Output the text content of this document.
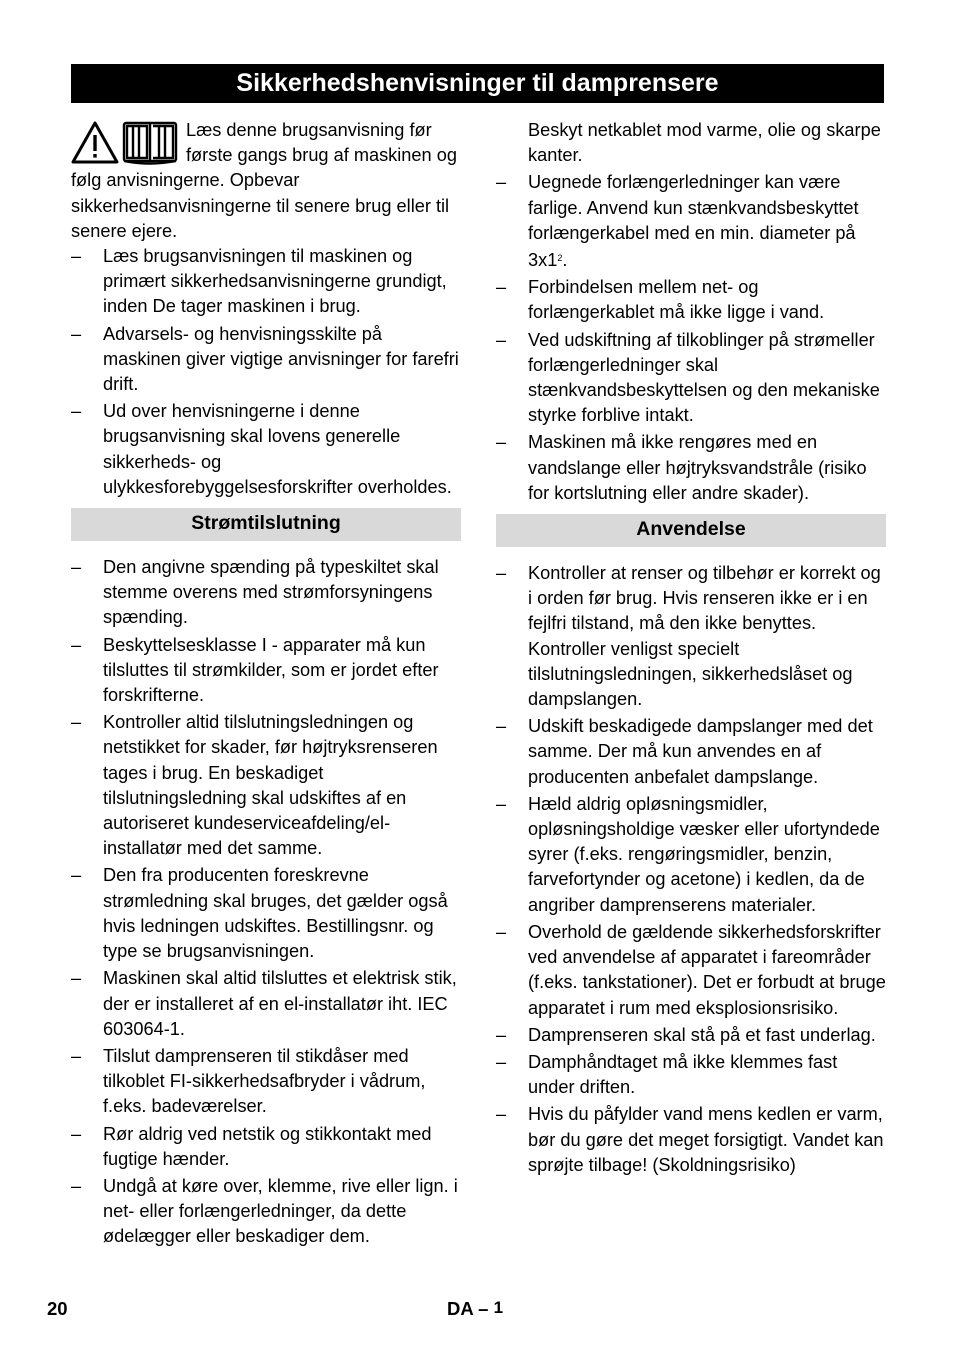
Sikkerhedshenvisninger til damprensere

Læs denne brugsanvisning før første gangs brug af maskinen og følg anvisningerne. Opbevar sikkerhedsanvisningerne til senere brug eller til senere ejere.

– Læs brugsanvisningen til maskinen og primært sikkerhedsanvisningerne grundigt, inden De tager maskinen i brug.
– Advarsels- og henvisningsskilte på maskinen giver vigtige anvisninger for farefri drift.
– Ud over henvisningerne i denne brugsanvisning skal lovens generelle sikkerheds- og ulykkesforebyggelsesforskrifter overholdes.
Strømtilslutning
– Den angivne spænding på typeskiltet skal stemme overens med strømforsyningens spænding.
– Beskyttelsesklasse I - apparater må kun tilsluttes til strømkilder, som er jordet efter forskrifterne.
– Kontroller altid tilslutningsledningen og netstikket for skader, før højtryksrenseren tages i brug. En beskadiget tilslutningsledning skal udskiftes af en autoriseret kundeserviceafdeling/el-installatør med det samme.
– Den fra producenten foreskrevne strømledning skal bruges, det gælder også hvis ledningen udskiftes. Bestillingsnr. og type se brugsanvisningen.
– Maskinen skal altid tilsluttes et elektrisk stik, der er installeret af en el-installatør iht. IEC 603064-1.
– Tilslut damprenseren til stikdåser med tilkoblet FI-sikkerhedsafbryder i vådrum, f.eks. badeværelser.
– Rør aldrig ved netstik og stikkontakt med fugtige hænder.
– Undgå at køre over, klemme, rive eller lign. i net- eller forlængerledninger, da dette ødelægger eller beskadiger dem.
Beskyt netkablet mod varme, olie og skarpe kanter.
– Uegnede forlængerledninger kan være farlige. Anvend kun stænkvandsbeskyttet forlængerkabel med en min. diameter på $3x1^2$.
– Forbindelsen mellem net- og forlængerkablet må ikke ligge i vand.
– Ved udskiftning af tilkoblinger på strømeller forlængerledninger skal stænkvandsbeskyttelsen og den mekaniske styrke forblive intakt.
– Maskinen må ikke rengøres med en vandslange eller højtryksvandstråle (risiko for kortslutning eller andre skader).
Anvendelse
– Kontroller at renser og tilbehør er korrekt og i orden før brug. Hvis renseren ikke er i en fejlfri tilstand, må den ikke benyttes. Kontroller venligst specielt tilslutningsledningen, sikkerhedslåset og dampslangen.
– Udskift beskadigede dampslanger med det samme. Der må kun anvendes en af producenten anbefalet dampslange.
– Hæld aldrig opløsningsmidler, opløsningsholdige væsker eller ufortyndede syrer (f.eks. rengøringsmidler, benzin, farvefortynder og acetone) i kedlen, da de angriber damprenserens materialer.
– Overhold de gældende sikkerhedsforskrifter ved anvendelse af apparatet i fareområder (f.eks. tankstationer). Det er forbudt at bruge apparatet i rum med eksplosionsrisiko.
– Damprenseren skal stå på et fast underlag.
– Damphåndtaget må ikke klemmes fast under driften.
– Hvis du påfylder vand mens kedlen er varm, bør du gøre det meget forsigtigt. Vandet kan sprøjte tilbage! (Skoldningsrisiko)
20	DA – 1
